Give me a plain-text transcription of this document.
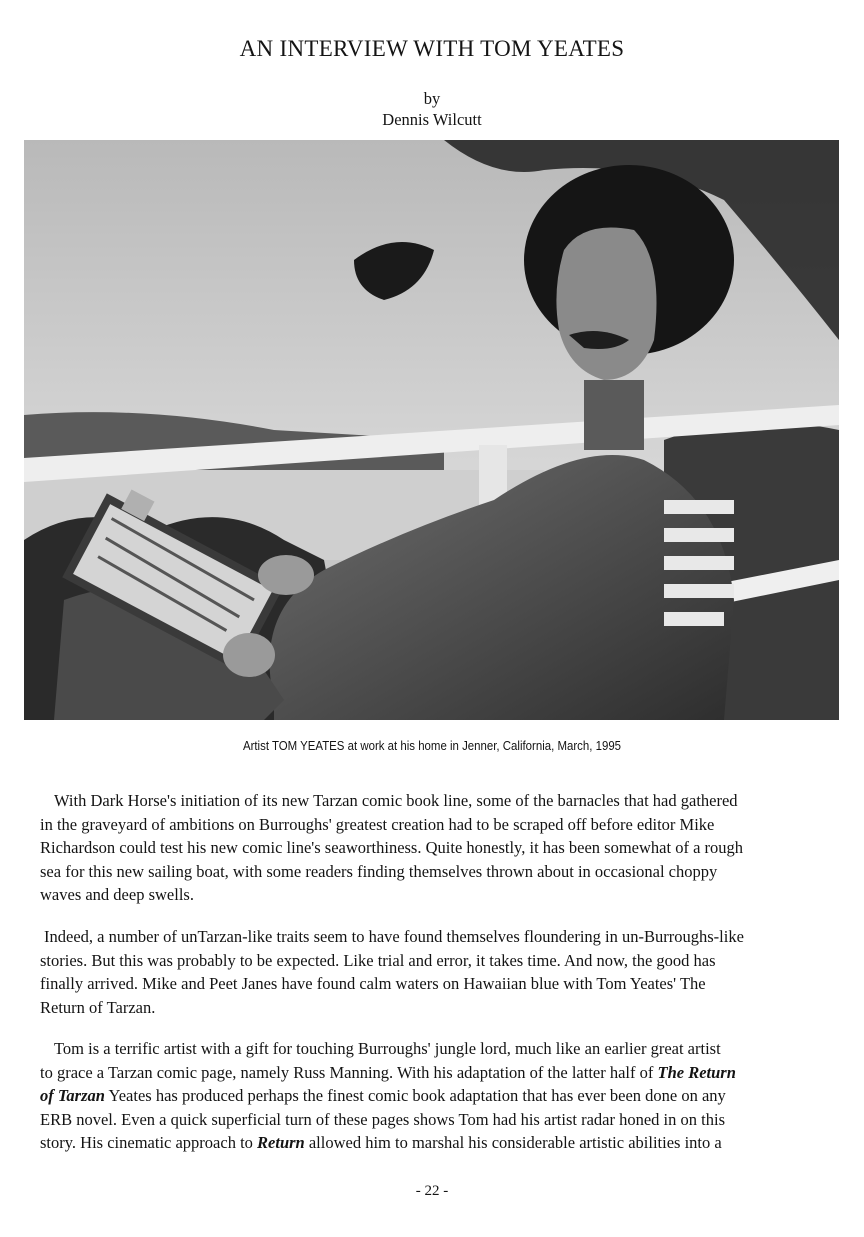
AN INTERVIEW WITH TOM YEATES
by
Dennis Wilcutt
Artist TOM YEATES at work at his home in Jenner, California, March, 1995

With Dark Horse's initiation of its new Tarzan comic book line, some of the barnacles that had gathered
in the graveyard of ambitions on Burroughs' greatest creation had to be scraped off before editor Mike
Richardson could test his new comic line's seaworthiness. Quite honestly, it has been somewhat of a rough
sea for this new sailing boat, with some readers finding themselves thrown about in occasional choppy
waves and deep swells.

Indeed, a number of unTarzan-like traits seem to have found themselves floundering in un-Burroughs-like
stories. But this was probably to be expected. Like trial and error, it takes time. And now, the good has
finally arrived. Mike and Peet Janes have found calm waters on Hawaiian blue with Tom Yeates' The
Return of Tarzan.

Tom is a terrific artist with a gift for touching Burroughs' jungle lord, much like an earlier great artist
to grace a Tarzan comic page, namely Russ Manning. With his adaptation of the latter half of The Return
of Tarzan Yeates has produced perhaps the finest comic book adaptation that has ever been done on any
ERB novel. Even a quick superficial turn of these pages shows Tom had his artist radar honed in on this
story. His cinematic approach to Return allowed him to marshal his considerable artistic abilities into a

- 22 -
